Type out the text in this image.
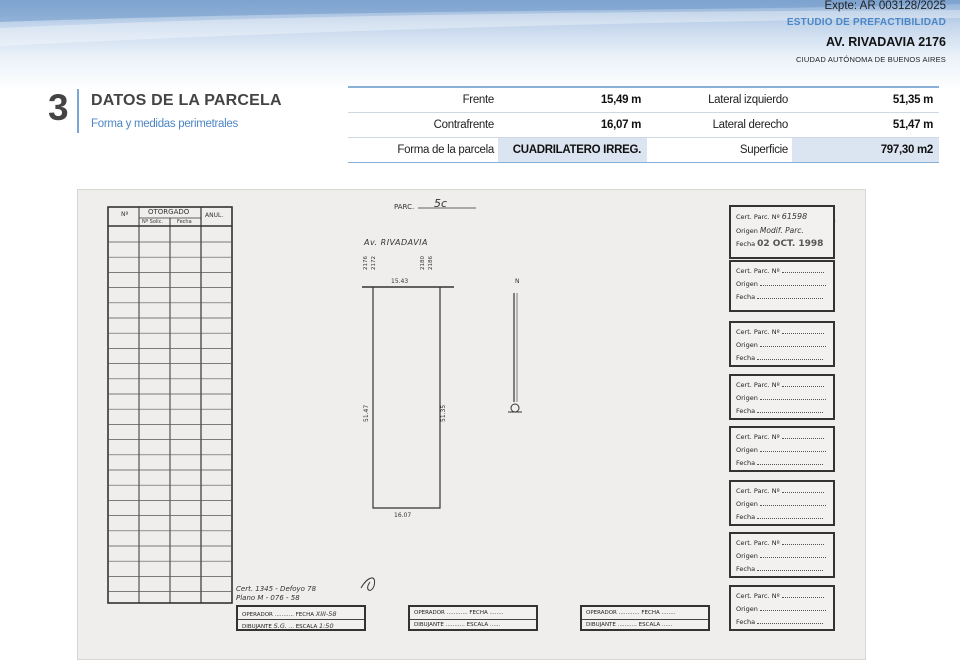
Expte: AR 003128/2025
ESTUDIO DE PREFACTIBILIDAD
AV. RIVADAVIA 2176
CIUDAD AUTÓNOMA DE BUENOS AIRES
3 DATOS DE LA PARCELA
Forma y medidas perimetrales
Frente	15,49 m	Lateral izquierdo	51,35 m
Contrafrente	16,07 m	Lateral derecho	51,47 m
Forma de la parcela	CUADRILATERO IRREG.	Superficie	797,30 m2
Nº	OTORGADO
Nº Solic.	Fecha
ANUL.
PARC. 5c
Av. RIVADAVIA
2176 2172	2180 2186
15.43
51.47	51.35
16.07
N
Cert. 1345 - Defoyo 78
Plano M - 076 - 58
Cert. Parc. Nº 61598
Origen Modif. Parc.
Fecha 02 OCT. 1998
Cert. Parc. Nº
Origen
Fecha
Cert. Parc. Nº
Origen
Fecha
Cert. Parc. Nº
Origen
Fecha
Cert. Parc. Nº
Origen
Fecha
Cert. Parc. Nº
Origen
Fecha
Cert. Parc. Nº
Origen
Fecha
Cert. Parc. Nº
Origen
Fecha
OPERADOR ........... FECHA XIII-58
DIBUJANTE S.G. ... ESCALA 1:50
OPERADOR ............ FECHA ........
DIBUJANTE ........... ESCALA ......
OPERADOR ............ FECHA ........
DIBUJANTE ........... ESCALA ......
